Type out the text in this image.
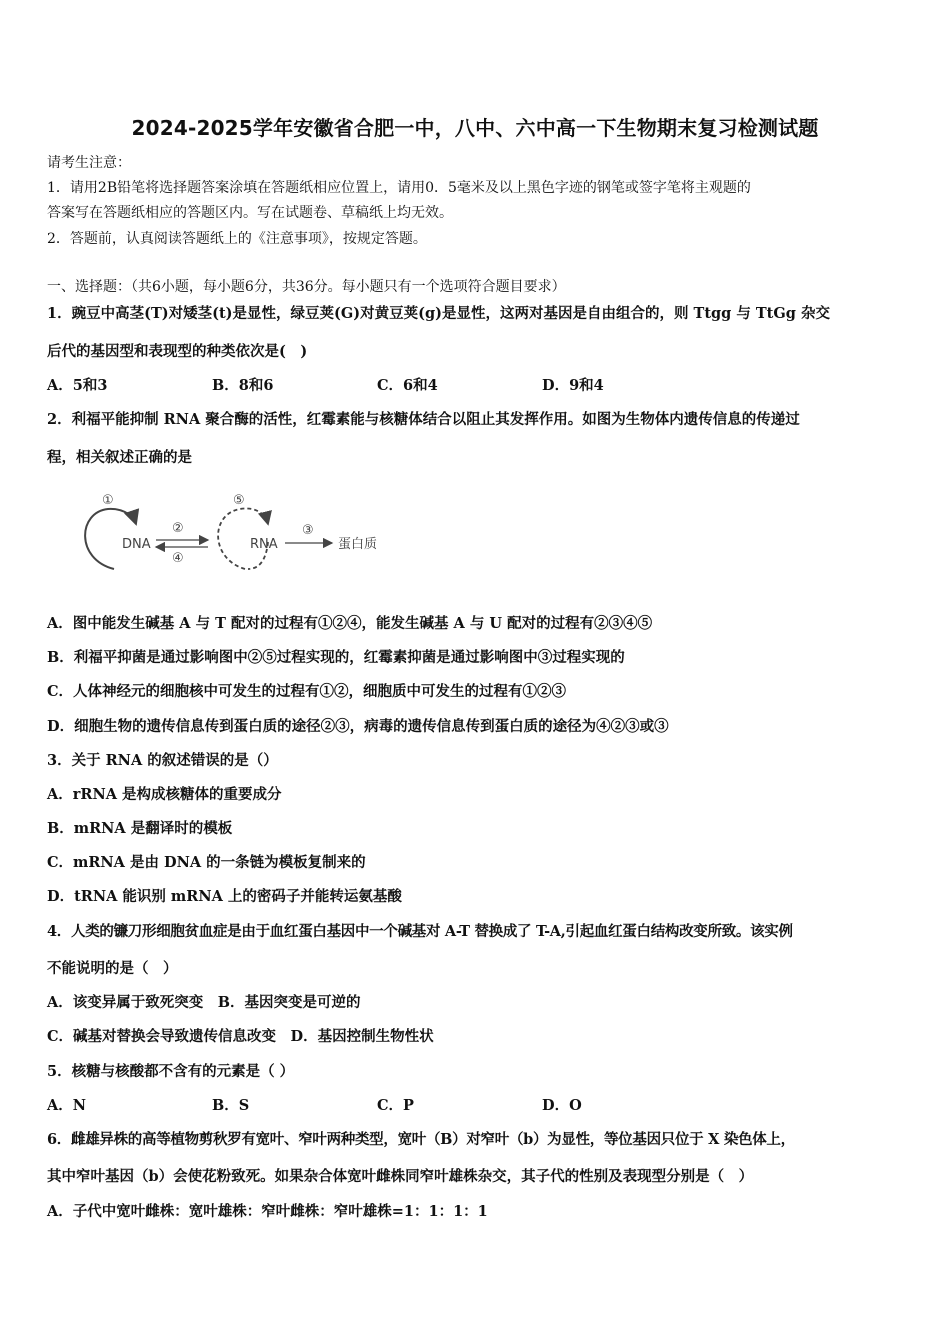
2024-2025学年安徽省合肥一中，八中、六中高一下生物期末复习检测试题
请考生注意：
1．请用2B铅笔将选择题答案涂填在答题纸相应位置上，请用0．5毫米及以上黑色字迹的钢笔或签字笔将主观题的
答案写在答题纸相应的答题区内。写在试题卷、草稿纸上均无效。
2．答题前，认真阅读答题纸上的《注意事项》，按规定答题。
一、选择题：（共6小题，每小题6分，共36分。每小题只有一个选项符合题目要求）
1．豌豆中高茎(T)对矮茎(t)是显性，绿豆荚(G)对黄豆荚(g)是显性，这两对基因是自由组合的，则 Ttgg 与 TtGg 杂交
后代的基因型和表现型的种类依次是(　)
A．5和3	B．8和6	C．6和4	D．9和4
2．利福平能抑制 RNA 聚合酶的活性，红霉素能与核糖体结合以阻止其发挥作用。如图为生物体内遗传信息的传递过
程，相关叙述正确的是
①
DNA
②
④
⑤
RNA
③
蛋白质
A．图中能发生碱基 A 与 T 配对的过程有①②④，能发生碱基 A 与 U 配对的过程有②③④⑤
B．利福平抑菌是通过影响图中②⑤过程实现的，红霉素抑菌是通过影响图中③过程实现的
C．人体神经元的细胞核中可发生的过程有①②，细胞质中可发生的过程有①②③
D．细胞生物的遗传信息传到蛋白质的途径②③，病毒的遗传信息传到蛋白质的途径为④②③或③
3．关于 RNA 的叙述错误的是（）
A．rRNA 是构成核糖体的重要成分
B．mRNA 是翻译时的模板
C．mRNA 是由 DNA 的一条链为模板复制来的
D．tRNA 能识别 mRNA 上的密码子并能转运氨基酸
4．人类的镰刀形细胞贫血症是由于血红蛋白基因中一个碱基对 A-T 替换成了 T-A,引起血红蛋白结构改变所致。该实例
不能说明的是（　）
A．该变异属于致死突变　B．基因突变是可逆的
C．碱基对替换会导致遗传信息改变　D．基因控制生物性状
5．核糖与核酸都不含有的元素是（ ）
A．N	B．S	C．P	D．O
6．雌雄异株的高等植物剪秋罗有宽叶、窄叶两种类型，宽叶（B）对窄叶（b）为显性，等位基因只位于 X 染色体上，
其中窄叶基因（b）会使花粉致死。如果杂合体宽叶雌株同窄叶雄株杂交，其子代的性别及表现型分别是（　）
A．子代中宽叶雌株：宽叶雄株：窄叶雌株：窄叶雄株=1：1：1：1
